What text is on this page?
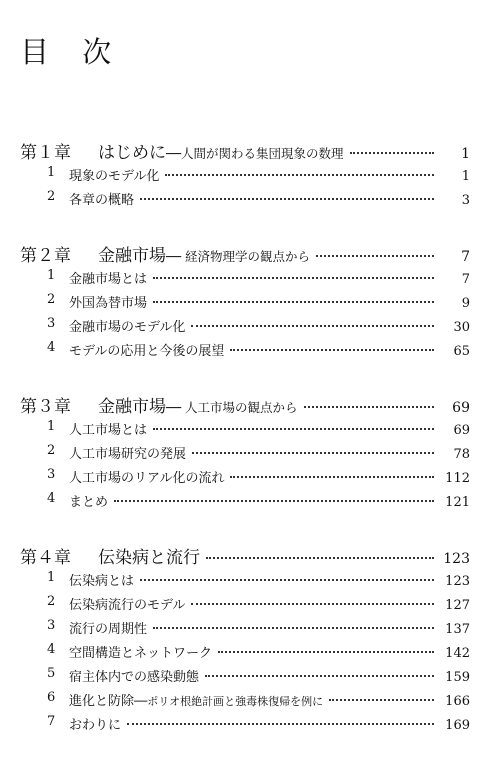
目 次
第１章 はじめに──人間が関わる集団現象の数理	1
1 現象のモデル化	1
2 各章の概略	3
第２章 金融市場── 経済物理学の観点から	7
1 金融市場とは	7
2 外国為替市場	9
3 金融市場のモデル化	30
4 モデルの応用と今後の展望	65
第３章 金融市場── 人工市場の観点から	69
1 人工市場とは	69
2 人工市場研究の発展	78
3 人工市場のリアル化の流れ	112
4 まとめ	121
第４章 伝染病と流行	123
1 伝染病とは	123
2 伝染病流行のモデル	127
3 流行の周期性	137
4 空間構造とネットワーク	142
5 宿主体内での感染動態	159
6 進化と防除──ポリオ根絶計画と強毒株復帰を例に	166
7 おわりに	169
